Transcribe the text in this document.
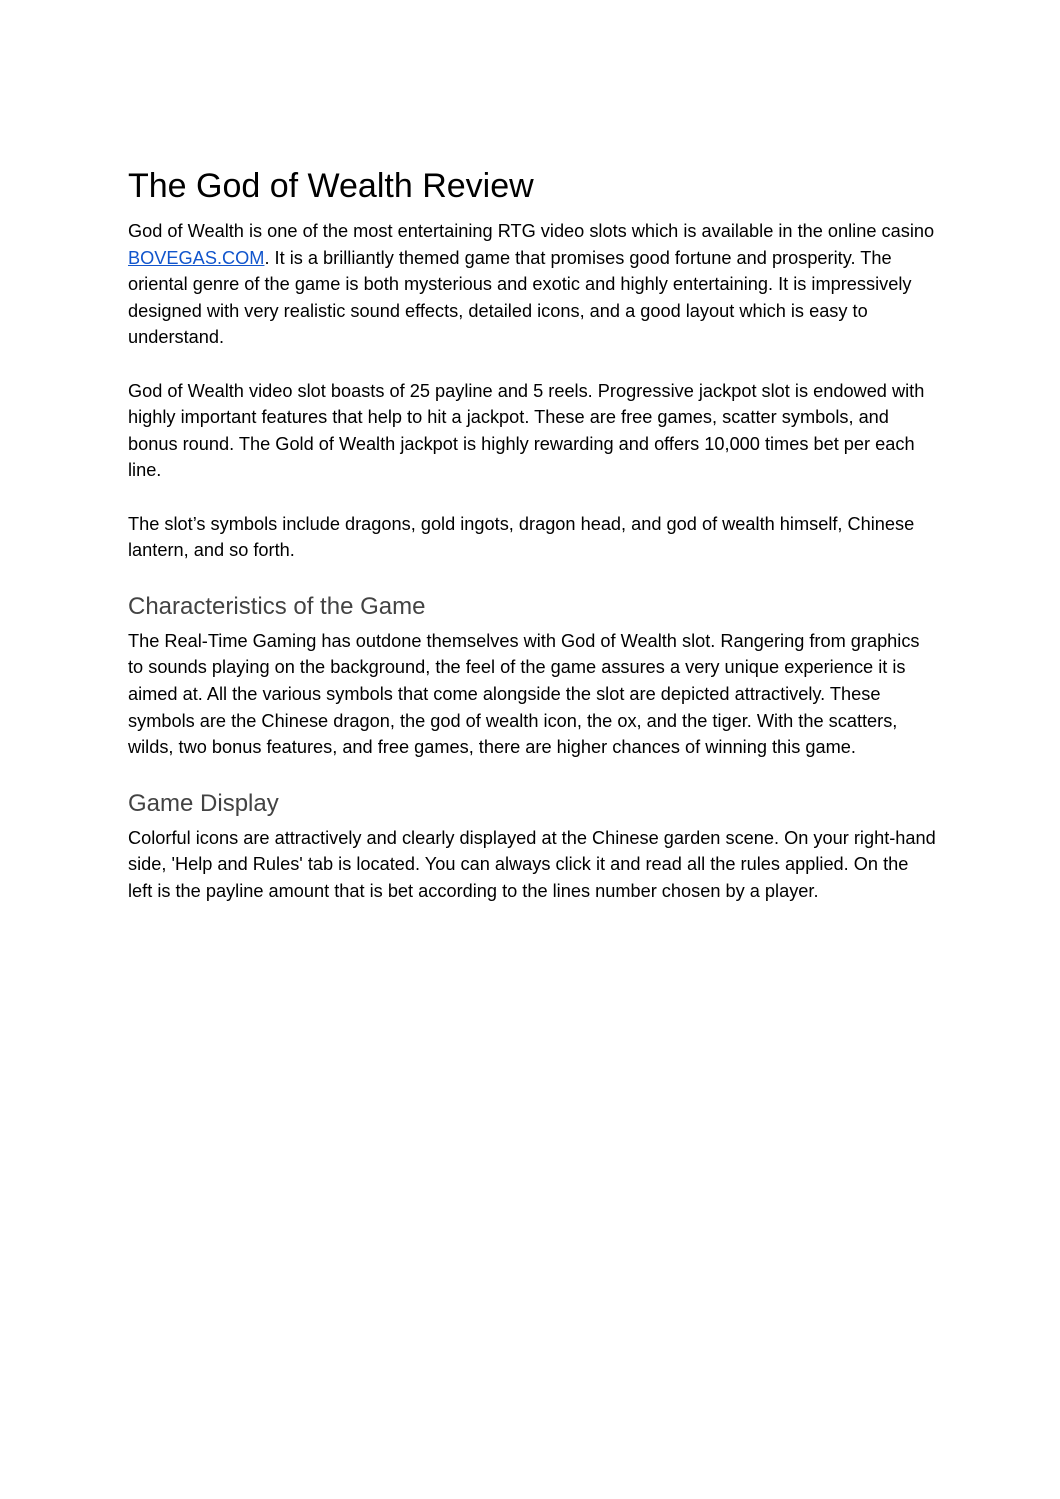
The God of Wealth Review

God of Wealth is one of the most entertaining RTG video slots which is available in the online casino BOVEGAS.COM. It is a brilliantly themed game that promises good fortune and prosperity. The oriental genre of the game is both mysterious and exotic and highly entertaining. It is impressively designed with very realistic sound effects, detailed icons, and a good layout which is easy to understand.

God of Wealth video slot boasts of 25 payline and 5 reels. Progressive jackpot slot is endowed with highly important features that help to hit a jackpot. These are free games, scatter symbols, and bonus round. The Gold of Wealth jackpot is highly rewarding and offers 10,000 times bet per each line.

The slot’s symbols include dragons, gold ingots, dragon head, and god of wealth himself, Chinese lantern, and so forth.

Characteristics of the Game

The Real-Time Gaming has outdone themselves with God of Wealth slot. Rangering from graphics to sounds playing on the background, the feel of the game assures a very unique experience it is aimed at. All the various symbols that come alongside the slot are depicted attractively. These symbols are the Chinese dragon, the god of wealth icon, the ox, and the tiger. With the scatters, wilds, two bonus features, and free games, there are higher chances of winning this game.

Game Display

Colorful icons are attractively and clearly displayed at the Chinese garden scene. On your right-hand side, 'Help and Rules' tab is located. You can always click it and read all the rules applied. On the left is the payline amount that is bet according to the lines number chosen by a player.
